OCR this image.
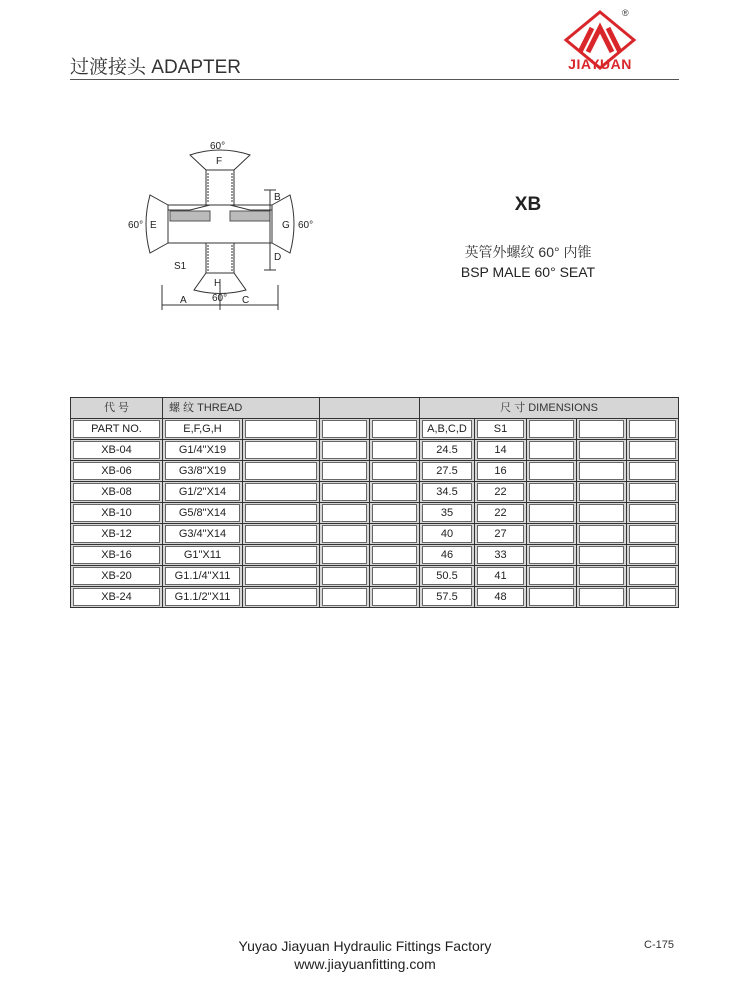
过渡接头 ADAPTER
®
JIAYUAN
60°
F
60° E	60°
G
B
D
H
S1
A	60° C
XB
英管外螺纹 60° 内锥
BSP MALE 60° SEAT
代 号	螺 纹 THREAD				尺 寸 DIMENSIONS				

PART NO.	E,F,G,H				A,B,C,D	S1			

XB-04	G1/4"X19				24.5	14			

XB-06	G3/8"X19				27.5	16			

XB-08	G1/2"X14				34.5	22			

XB-10	G5/8"X14				35	22			

XB-12	G3/4"X14				40	27			

XB-16	G1"X11				46	33			

XB-20	G1.1/4"X11				50.5	41			

XB-24	G1.1/2"X11				57.5	48			

Yuyao Jiayuan Hydraulic Fittings Factory
www.jiayuanfitting.com
C-175
